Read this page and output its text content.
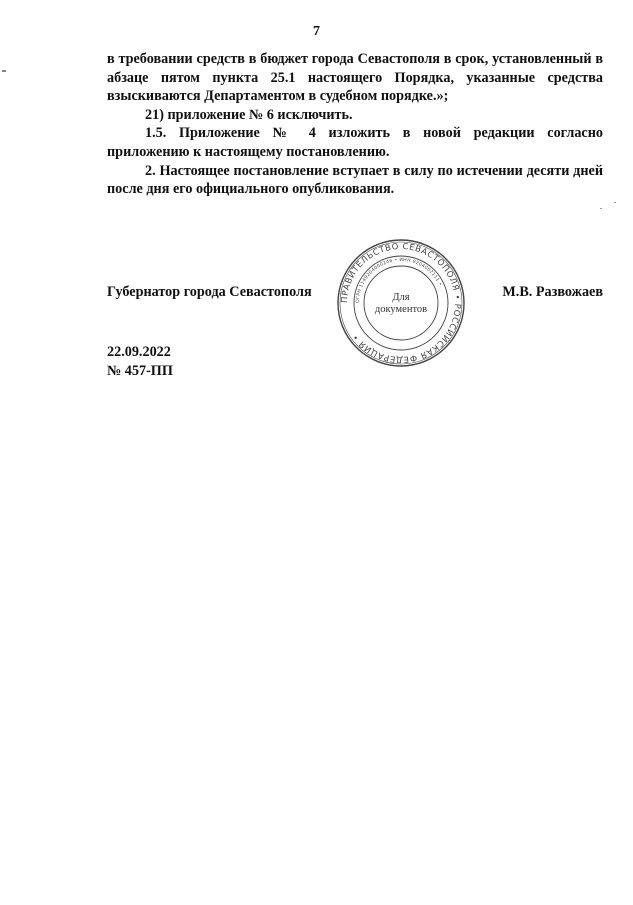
7

в требовании средств в бюджет города Севастополя в срок, установленный в абзаце пятом пункта 25.1 настоящего Порядка, указанные средства взыскиваются Департаментом в судебном порядке.»;

21) приложение № 6 исключить.

1.5. Приложение № 4 изложить в новой редакции согласно приложению к настоящему постановлению.

2. Настоящее постановление вступает в силу по истечении десяти дней после дня его официального опубликования.

Губернатор города Севастополя	М.В. Развожаев
ПРАВИТЕЛЬСТВО СЕВАСТОПОЛЯ • РОССИЙСКАЯ ФЕДЕРАЦИЯ •
ОГРН 1149204000246 • ИНН 9204002111 •
Для
документов
22.09.2022
№ 457-ПП
